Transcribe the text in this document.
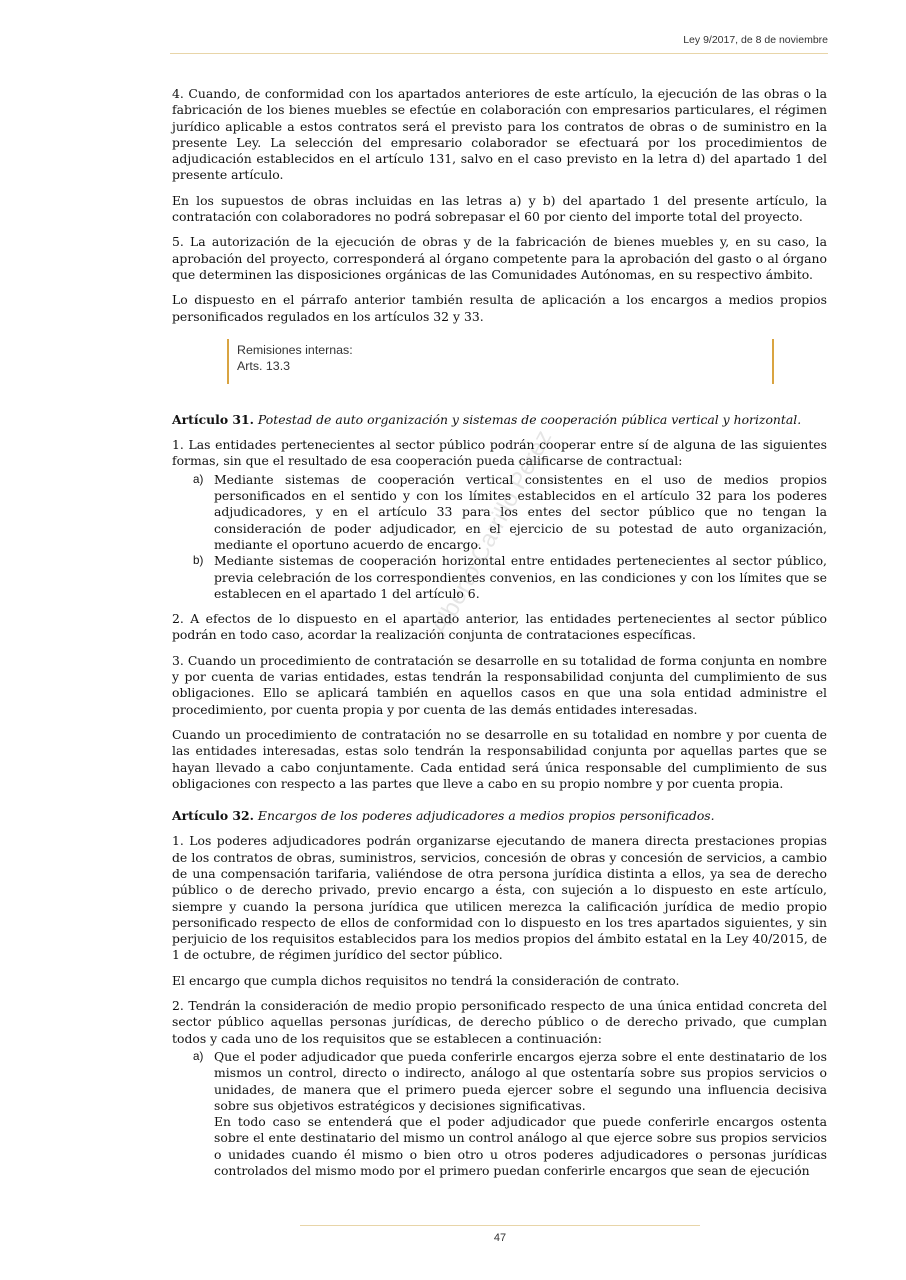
Ley 9/2017, de 8 de noviembre
Alberto Carrillo Pérez

4. Cuando, de conformidad con los apartados anteriores de este artículo, la ejecución de las obras o la fabricación de los bienes muebles se efectúe en colaboración con empresarios particulares, el régimen jurídico aplicable a estos contratos será el previsto para los contratos de obras o de suministro en la presente Ley. La selección del empresario colaborador se efectuará por los procedimientos de adjudicación establecidos en el artículo 131, salvo en el caso previsto en la letra d) del apartado 1 del presente artículo.

En los supuestos de obras incluidas en las letras a) y b) del apartado 1 del presente artículo, la contratación con colaboradores no podrá sobrepasar el 60 por ciento del importe total del proyecto.

5. La autorización de la ejecución de obras y de la fabricación de bienes muebles y, en su caso, la aprobación del proyecto, corresponderá al órgano competente para la aprobación del gasto o al órgano que determinen las disposiciones orgánicas de las Comunidades Autónomas, en su respectivo ámbito.

Lo dispuesto en el párrafo anterior también resulta de aplicación a los encargos a medios propios personificados regulados en los artículos 32 y 33.

Remisiones internas:
Arts. 13.3

Artículo 31. Potestad de auto organización y sistemas de cooperación pública vertical y horizontal.

1. Las entidades pertenecientes al sector público podrán cooperar entre sí de alguna de las siguientes formas, sin que el resultado de esa cooperación pueda calificarse de contractual:

a) Mediante sistemas de cooperación vertical consistentes en el uso de medios propios personificados en el sentido y con los límites establecidos en el artículo 32 para los poderes adjudicadores, y en el artículo 33 para los entes del sector público que no tengan la consideración de poder adjudicador, en el ejercicio de su potestad de auto organización, mediante el oportuno acuerdo de encargo.
b) Mediante sistemas de cooperación horizontal entre entidades pertenecientes al sector público, previa celebración de los correspondientes convenios, en las condiciones y con los límites que se establecen en el apartado 1 del artículo 6.

2. A efectos de lo dispuesto en el apartado anterior, las entidades pertenecientes al sector público podrán en todo caso, acordar la realización conjunta de contrataciones específicas.

3. Cuando un procedimiento de contratación se desarrolle en su totalidad de forma conjunta en nombre y por cuenta de varias entidades, estas tendrán la responsabilidad conjunta del cumplimiento de sus obligaciones. Ello se aplicará también en aquellos casos en que una sola entidad administre el procedimiento, por cuenta propia y por cuenta de las demás entidades interesadas.

Cuando un procedimiento de contratación no se desarrolle en su totalidad en nombre y por cuenta de las entidades interesadas, estas solo tendrán la responsabilidad conjunta por aquellas partes que se hayan llevado a cabo conjuntamente. Cada entidad será única responsable del cumplimiento de sus obligaciones con respecto a las partes que lleve a cabo en su propio nombre y por cuenta propia.

Artículo 32. Encargos de los poderes adjudicadores a medios propios personificados.

1. Los poderes adjudicadores podrán organizarse ejecutando de manera directa prestaciones propias de los contratos de obras, suministros, servicios, concesión de obras y concesión de servicios, a cambio de una compensación tarifaria, valiéndose de otra persona jurídica distinta a ellos, ya sea de derecho público o de derecho privado, previo encargo a ésta, con sujeción a lo dispuesto en este artículo, siempre y cuando la persona jurídica que utilicen merezca la calificación jurídica de medio propio personificado respecto de ellos de conformidad con lo dispuesto en los tres apartados siguientes, y sin perjuicio de los requisitos establecidos para los medios propios del ámbito estatal en la Ley 40/2015, de 1 de octubre, de régimen jurídico del sector público.

El encargo que cumpla dichos requisitos no tendrá la consideración de contrato.

2. Tendrán la consideración de medio propio personificado respecto de una única entidad concreta del sector público aquellas personas jurídicas, de derecho público o de derecho privado, que cumplan todos y cada uno de los requisitos que se establecen a continuación:

a) Que el poder adjudicador que pueda conferirle encargos ejerza sobre el ente destinatario de los mismos un control, directo o indirecto, análogo al que ostentaría sobre sus propios servicios o unidades, de manera que el primero pueda ejercer sobre el segundo una influencia decisiva sobre sus objetivos estratégicos y decisiones significativas.
En todo caso se entenderá que el poder adjudicador que puede conferirle encargos ostenta sobre el ente destinatario del mismo un control análogo al que ejerce sobre sus propios servicios o unidades cuando él mismo o bien otro u otros poderes adjudicadores o personas jurídicas controlados del mismo modo por el primero puedan conferirle encargos que sean de ejecución
47
